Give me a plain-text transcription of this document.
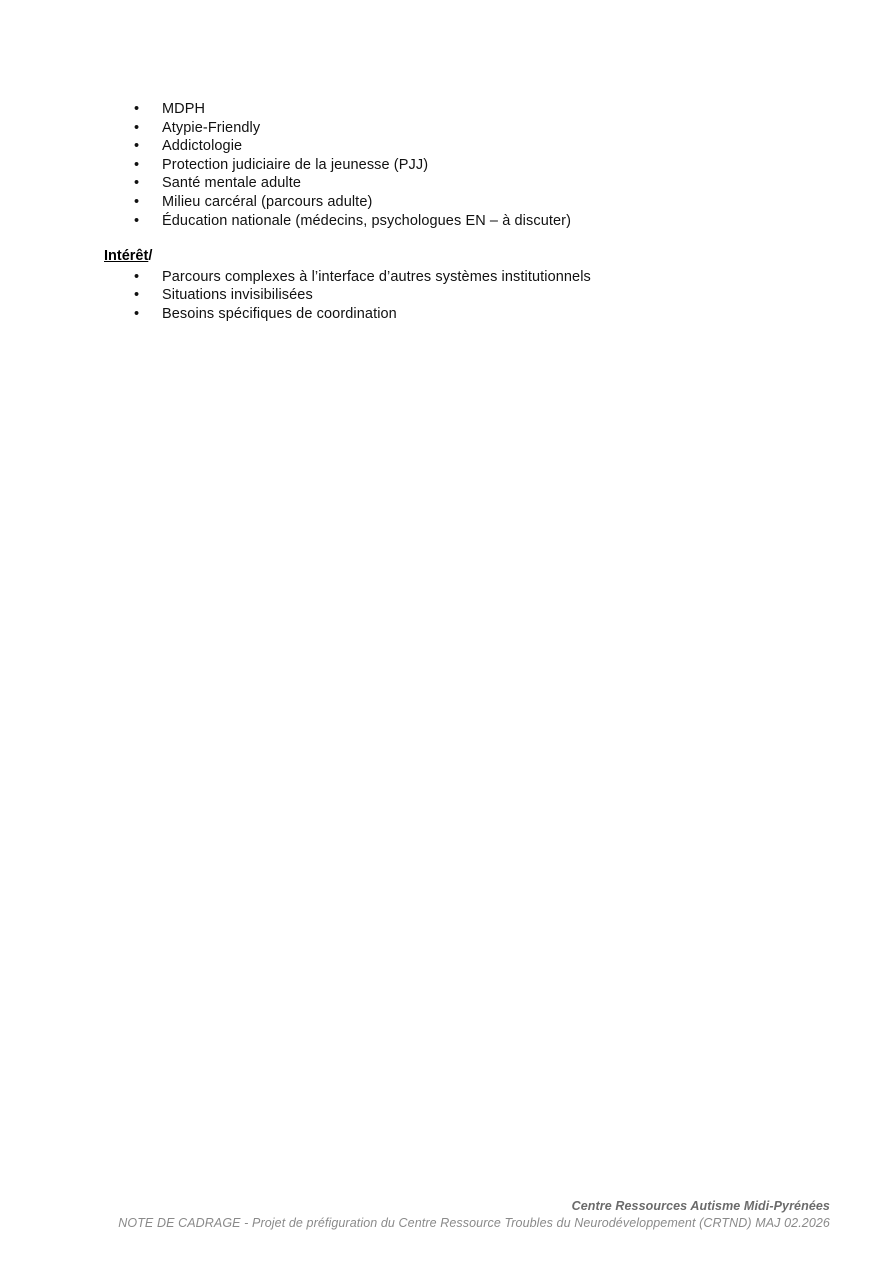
• MDPH
• Atypie-Friendly
• Addictologie
• Protection judiciaire de la jeunesse (PJJ)
• Santé mentale adulte
• Milieu carcéral (parcours adulte)
• Éducation nationale (médecins, psychologues EN – à discuter)
Intérêt/
• Parcours complexes à l’interface d’autres systèmes institutionnels
• Situations invisibilisées
• Besoins spécifiques de coordination
Centre Ressources Autisme Midi-Pyrénées
NOTE DE CADRAGE - Projet de préfiguration du Centre Ressource Troubles du Neurodéveloppement (CRTND) MAJ 02.2026
